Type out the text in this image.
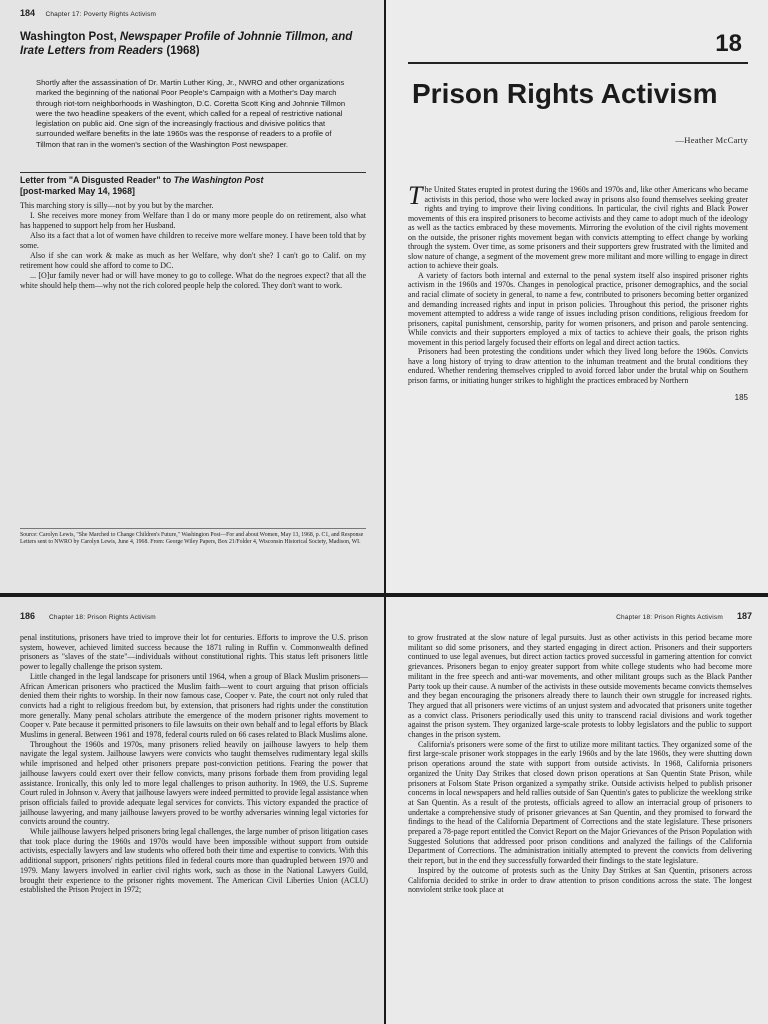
184 Chapter 17: Poverty Rights Activism
Washington Post, Newspaper Profile of Johnnie Tillmon, and Irate Letters from Readers (1968)
Shortly after the assassination of Dr. Martin Luther King, Jr., NWRO and other organizations marked the beginning of the national Poor People's Campaign with a Mother's Day march through riot-torn neighborhoods in Washington, D.C. Coretta Scott King and Johnnie Tillmon were the two headline speakers of the event, which called for a repeal of restrictive national legislation on public aid. One sign of the increasingly fractious and divisive politics that surrounded welfare benefits in the late 1960s was the response of readers to a profile of Tillmon that ran in the women's section of the Washington Post newspaper.
Letter from "A Disgusted Reader" to The Washington Post
[post-marked May 14, 1968]

This marching story is silly—not by you but by the marcher.

I. She receives more money from Welfare than I do or many more people do on retirement, also what has happened to support help from her Husband.

Also its a fact that a lot of women have children to receive more welfare money. I have been told that by some.

Also if she can work & make as much as her Welfare, why don't she? I can't go to Calif. on my retirement how could she afford to come to DC.

... [O]ur family never had or will have money to go to college. What do the negroes expect? that all the white should help them—why not the rich colored people help the colored. They don't want to work.

Source: Carolyn Lewis, "She Marched to Change Children's Future," Washington Post—For and about Women, May 13, 1968, p. C1, and Response Letters sent to NWRO by Carolyn Lewis, June 4, 1968. From: George Wiley Papers, Box 21/Folder 4, Wisconsin Historical Society, Madison, WI.
18
Prison Rights Activism
—Heather McCarty

The United States erupted in protest during the 1960s and 1970s and, like other Americans who became activists in this period, those who were locked away in prisons also found themselves seeking greater rights and trying to improve their living conditions. In particular, the civil rights and Black Power movements of this era inspired prisoners to become activists and they came to adopt much of the ideology as well as the tactics embraced by these movements. Mirroring the evolution of the civil rights movement on the outside, the prisoner rights movement began with convicts attempting to effect change by working through the system. Over time, as some prisoners and their supporters grew frustrated with the limited and slow nature of change, a segment of the movement grew more militant and more willing to engage in direct action to achieve their goals.

A variety of factors both internal and external to the penal system itself also inspired prisoner rights activism in the 1960s and 1970s. Changes in penological practice, prisoner demographics, and the social and racial climate of society in general, to name a few, contributed to prisoners becoming better organized and demanding increased rights and input in prison policies. Throughout this period, the prisoner rights movement attempted to address a wide range of issues including prison conditions, religious freedom for prisoners, capital punishment, censorship, parity for women prisoners, and prison and parole sentencing. While convicts and their supporters employed a mix of tactics to achieve their goals, the prison rights movement in this period largely focused their efforts on legal and direct action tactics.

Prisoners had been protesting the conditions under which they lived long before the 1960s. Convicts have a long history of trying to draw attention to the inhuman treatment and the brutal conditions they endured. Whether rendering themselves crippled to avoid forced labor under the brutal whip on Southern prison farms, or initiating hunger strikes to highlight the practices embraced by Northern

185
186 Chapter 18: Prison Rights Activism

penal institutions, prisoners have tried to improve their lot for centuries. Efforts to improve the U.S. prison system, however, achieved limited success because the 1871 ruling in Ruffin v. Commonwealth defined prisoners as "slaves of the state"—individuals without constitutional rights. This status left prisoners little power to legally challenge the prison system.

Little changed in the legal landscape for prisoners until 1964, when a group of Black Muslim prisoners—African American prisoners who practiced the Muslim faith—went to court arguing that prison officials denied them their rights to worship. In their now famous case, Cooper v. Pate, the court not only ruled that convicts had a right to religious freedom but, by extension, that prisoners had rights under the constitution more generally. Many penal scholars attribute the emergence of the modern prisoner rights movement to Cooper v. Pate because it permitted prisoners to file lawsuits on their own behalf and to legal efforts by Black Muslims in general. Between 1961 and 1978, federal courts ruled on 66 cases related to Black Muslims alone.

Throughout the 1960s and 1970s, many prisoners relied heavily on jailhouse lawyers to help them navigate the legal system. Jailhouse lawyers were convicts who taught themselves rudimentary legal skills while imprisoned and helped other prisoners prepare post-conviction petitions. Fearing the power that jailhouse lawyers could exert over their fellow convicts, many prisons forbade them from providing legal assistance. Ironically, this only led to more legal challenges to prison authority. In 1969, the U.S. Supreme Court ruled in Johnson v. Avery that jailhouse lawyers were indeed permitted to provide legal assistance when prison officials failed to provide adequate legal services for convicts. This victory expanded the practice of jailhouse lawyering, and many jailhouse lawyers proved to be worthy adversaries winning legal victories for convicts around the country.

While jailhouse lawyers helped prisoners bring legal challenges, the large number of prison litigation cases that took place during the 1960s and 1970s would have been impossible without support from outside activists, especially lawyers and law students who offered both their time and expertise to convicts. With this additional support, prisoners' rights petitions filed in federal courts more than quadrupled between 1970 and 1979. Many lawyers involved in earlier civil rights work, such as those in the National Lawyers Guild, brought their experience to the prisoner rights movement. The American Civil Liberties Union (ACLU) established the Prison Project in 1972;

Chapter 18: Prison Rights Activism 187

to grow frustrated at the slow nature of legal pursuits. Just as other activists in this period became more militant so did some prisoners, and they started engaging in direct action. Prisoners and their supporters continued to use legal avenues, but direct action tactics proved successful in garnering attention for convict grievances. Prisoners began to enjoy greater support from white college students who had become more militant in the free speech and anti-war movements, and other militant groups such as the Black Panther Party took up their cause. A number of the activists in these outside movements became convicts themselves and they began encouraging the prisoners already there to launch their own struggle for increased rights. They argued that all prisoners were victims of an unjust system and advocated that prisoners unite together as a convict class. Prisoners periodically used this unity to transcend racial divisions and work together against the prison system. They organized large-scale protests to lobby legislators and the public to support changes in the prison system.

California's prisoners were some of the first to utilize more militant tactics. They organized some of the first large-scale prisoner work stoppages in the early 1960s and by the late 1960s, they were shutting down prison operations around the state with support from outside activists. In 1968, California prisoners organized the Unity Day Strikes that closed down prison operations at San Quentin State Prison, while prisoners at Folsom State Prison organized a sympathy strike. Outside activists helped to publish prisoner concerns in local newspapers and held rallies outside of San Quentin's gates to publicize the weeklong strike at San Quentin. As a result of the protests, officials agreed to allow an interracial group of prisoners to undertake a comprehensive study of prisoner grievances at San Quentin, and they promised to forward the findings to the head of the California Department of Corrections and the state legislature. These prisoners prepared a 78-page report entitled the Convict Report on the Major Grievances of the Prison Population with Suggested Solutions that addressed poor prison conditions and analyzed the failings of the California Department of Corrections. The administration initially attempted to prevent the convicts from delivering their report, but in the end they successfully forwarded their findings to the state legislature.

Inspired by the outcome of protests such as the Unity Day Strikes at San Quentin, prisoners across California decided to strike in order to draw attention to prison conditions across the state. The longest nonviolent strike took place at
